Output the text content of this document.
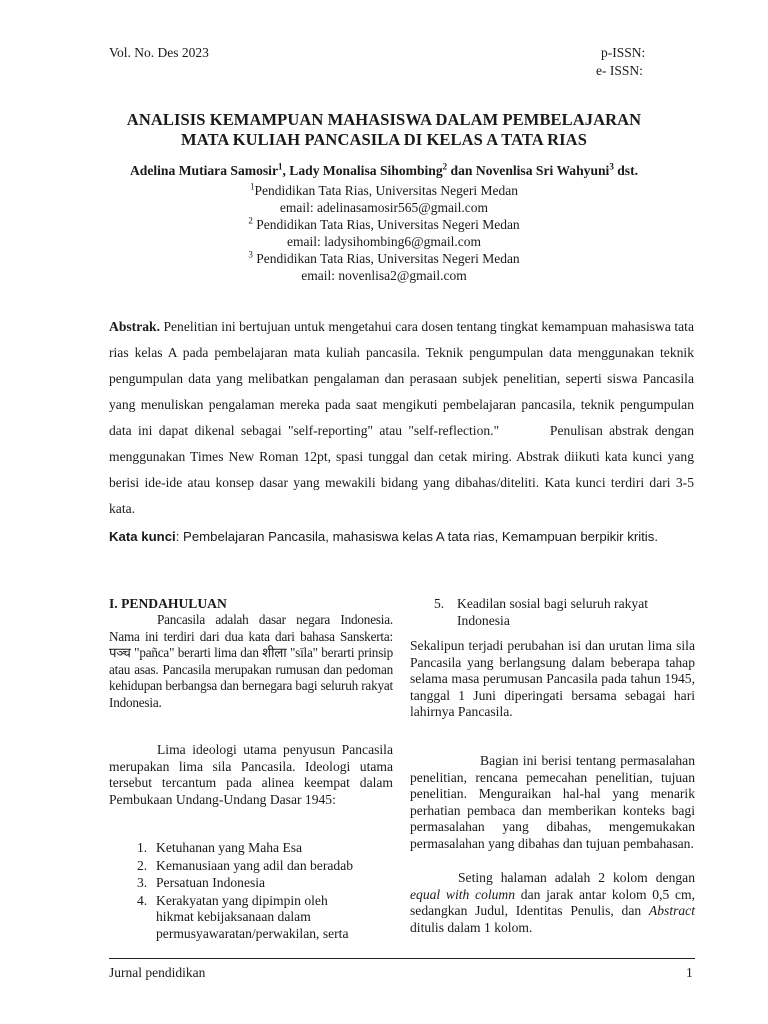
Vol. No. Des 2023	p-ISSN:
e- ISSN:
ANALISIS KEMAMPUAN MAHASISWA DALAM PEMBELAJARAN
MATA KULIAH PANCASILA DI KELAS A TATA RIAS
Adelina Mutiara Samosir$^1$, Lady Monalisa Sihombing$^2$ dan Novenlisa Sri Wahyuni$^3$ dst.

$^1$Pendidikan Tata Rias, Universitas Negeri Medan

email: adelinasamosir565@gmail.com

$^2$ Pendidikan Tata Rias, Universitas Negeri Medan

email: ladysihombing6@gmail.com

$^3$ Pendidikan Tata Rias, Universitas Negeri Medan

email: novenlisa2@gmail.com

Abstrak. Penelitian ini bertujuan untuk mengetahui cara dosen tentang tingkat kemampuan mahasiswa tata rias kelas A pada pembelajaran mata kuliah pancasila. Teknik pengumpulan data menggunakan teknik pengumpulan data yang melibatkan pengalaman dan perasaan subjek penelitian, seperti siswa Pancasila yang menuliskan pengalaman mereka pada saat mengikuti pembelajaran pancasila, teknik pengumpulan data ini dapat dikenal sebagai "self-reporting" atau "self-reflection."        Penulisan abstrak dengan menggunakan Times New Roman 12pt, spasi tunggal dan cetak miring. Abstrak diikuti kata kunci yang berisi ide-ide atau konsep dasar yang mewakili bidang yang dibahas/diteliti. Kata kunci terdiri dari 3-5 kata.
Kata kunci: Pembelajaran Pancasila, mahasiswa kelas A tata rias, Kemampuan berpikir kritis.
I. PENDAHULUAN
Pancasila adalah dasar negara Indonesia. Nama ini terdiri dari dua kata dari bahasa Sanskerta: पञ्च "pañca" berarti lima dan शीला "sīla" berarti prinsip atau asas. Pancasila merupakan rumusan dan pedoman kehidupan berbangsa dan bernegara bagi seluruh rakyat Indonesia.
Lima ideologi utama penyusun Pancasila merupakan lima sila Pancasila. Ideologi utama tersebut tercantum pada alinea keempat dalam Pembukaan Undang-Undang Dasar 1945:
1. Ketuhanan yang Maha Esa
2. Kemanusiaan yang adil dan beradab
3. Persatuan Indonesia
4. Kerakyatan yang dipimpin oleh hikmat kebijaksanaan dalam permusyawaratan/perwakilan, serta
5. Keadilan sosial bagi seluruh rakyat Indonesia
Sekalipun terjadi perubahan isi dan urutan lima sila Pancasila yang berlangsung dalam beberapa tahap selama masa perumusan Pancasila pada tahun 1945, tanggal 1 Juni diperingati bersama sebagai hari lahirnya Pancasila.
Bagian ini berisi tentang permasalahan penelitian, rencana pemecahan penelitian, tujuan penelitian. Menguraikan hal-hal yang menarik perhatian pembaca dan memberikan konteks bagi permasalahan yang dibahas, mengemukakan permasalahan yang dibahas dan tujuan pembahasan.
Seting halaman adalah 2 kolom dengan equal with column dan jarak antar kolom 0,5 cm, sedangkan Judul, Identitas Penulis, dan Abstract ditulis dalam 1 kolom.
Jurnal pendidikan	1
